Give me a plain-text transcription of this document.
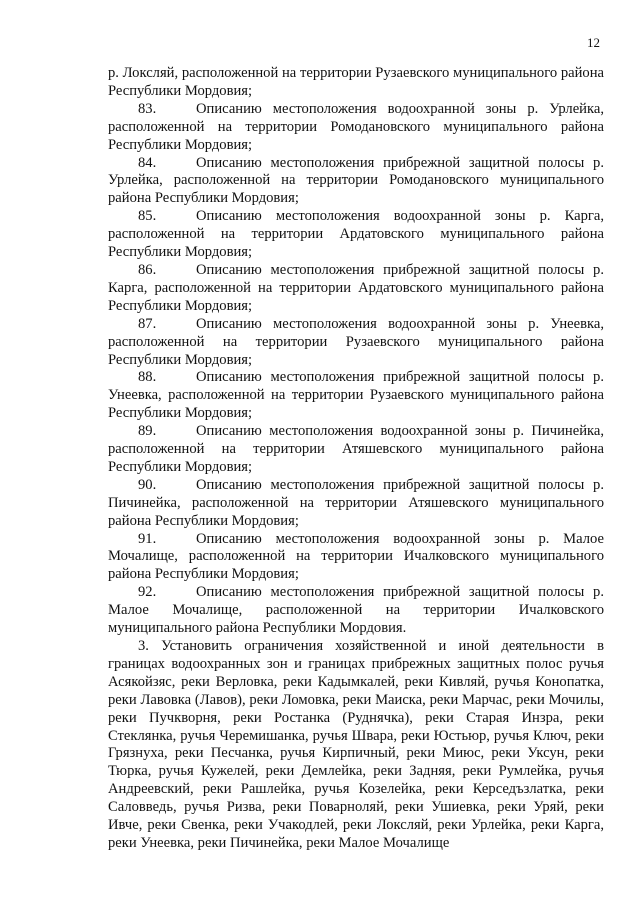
12

р. Локсляй, расположенной на территории Рузаевского муниципального района Республики Мордовия;

83.	Описанию местоположения водоохранной зоны р. Урлейка, расположенной на территории Ромодановского муниципального района Республики Мордовия;

84.	Описанию местоположения прибрежной защитной полосы р. Урлейка, расположенной на территории Ромодановского муниципального района Республики Мордовия;

85.	Описанию местоположения водоохранной зоны р. Карга, расположенной на территории Ардатовского муниципального района Республики Мордовия;

86.	Описанию местоположения прибрежной защитной полосы р. Карга, расположенной на территории Ардатовского муниципального района Республики Мордовия;

87.	Описанию местоположения водоохранной зоны р. Унеевка, расположенной на территории Рузаевского муниципального района Республики Мордовия;

88.	Описанию местоположения прибрежной защитной полосы р. Унеевка, расположенной на территории Рузаевского муниципального района Республики Мордовия;

89.	Описанию местоположения водоохранной зоны р. Пичинейка, расположенной на территории Атяшевского муниципального района Республики Мордовия;

90.	Описанию местоположения прибрежной защитной полосы р. Пичинейка, расположенной на территории Атяшевского муниципального района Республики Мордовия;

91.	Описанию местоположения водоохранной зоны р. Малое Мочалище, расположенной на территории Ичалковского муниципального района Республики Мордовия;

92.	Описанию местоположения прибрежной защитной полосы р. Малое Мочалище, расположенной на территории Ичалковского муниципального района Республики Мордовия.

3. Установить ограничения хозяйственной и иной деятельности в границах водоохранных зон и границах прибрежных защитных полос ручья Асякойзяс, реки Верловка, реки Кадымкалей, реки Кивляй, ручья Конопатка, реки Лавовка (Лавов), реки Ломовка, реки Маиска, реки Марчас, реки Мочилы, реки Пучкворня, реки Ростанка (Руднячка), реки Старая Инзра, реки Стеклянка, ручья Черемишанка, ручья Швара, реки Юстьюр, ручья Ключ, реки Грязнуха, реки Песчанка, ручья Кирпичный, реки Миюс, реки Уксун, реки Тюрка, ручья Кужелей, реки Демлейка, реки Задняя, реки Румлейка, ручья Андреевский, реки Рашлейка, ручья Козелейка, реки Керседъзлатка, реки Саловведь, ручья Ризва, реки Поварноляй, реки Ушиевка, реки Уряй, реки Ивче, реки Свенка, реки Учакодлей, реки Локсляй, реки Урлейка, реки Карга, реки Унеевка, реки Пичинейка, реки Малое Мочалище
